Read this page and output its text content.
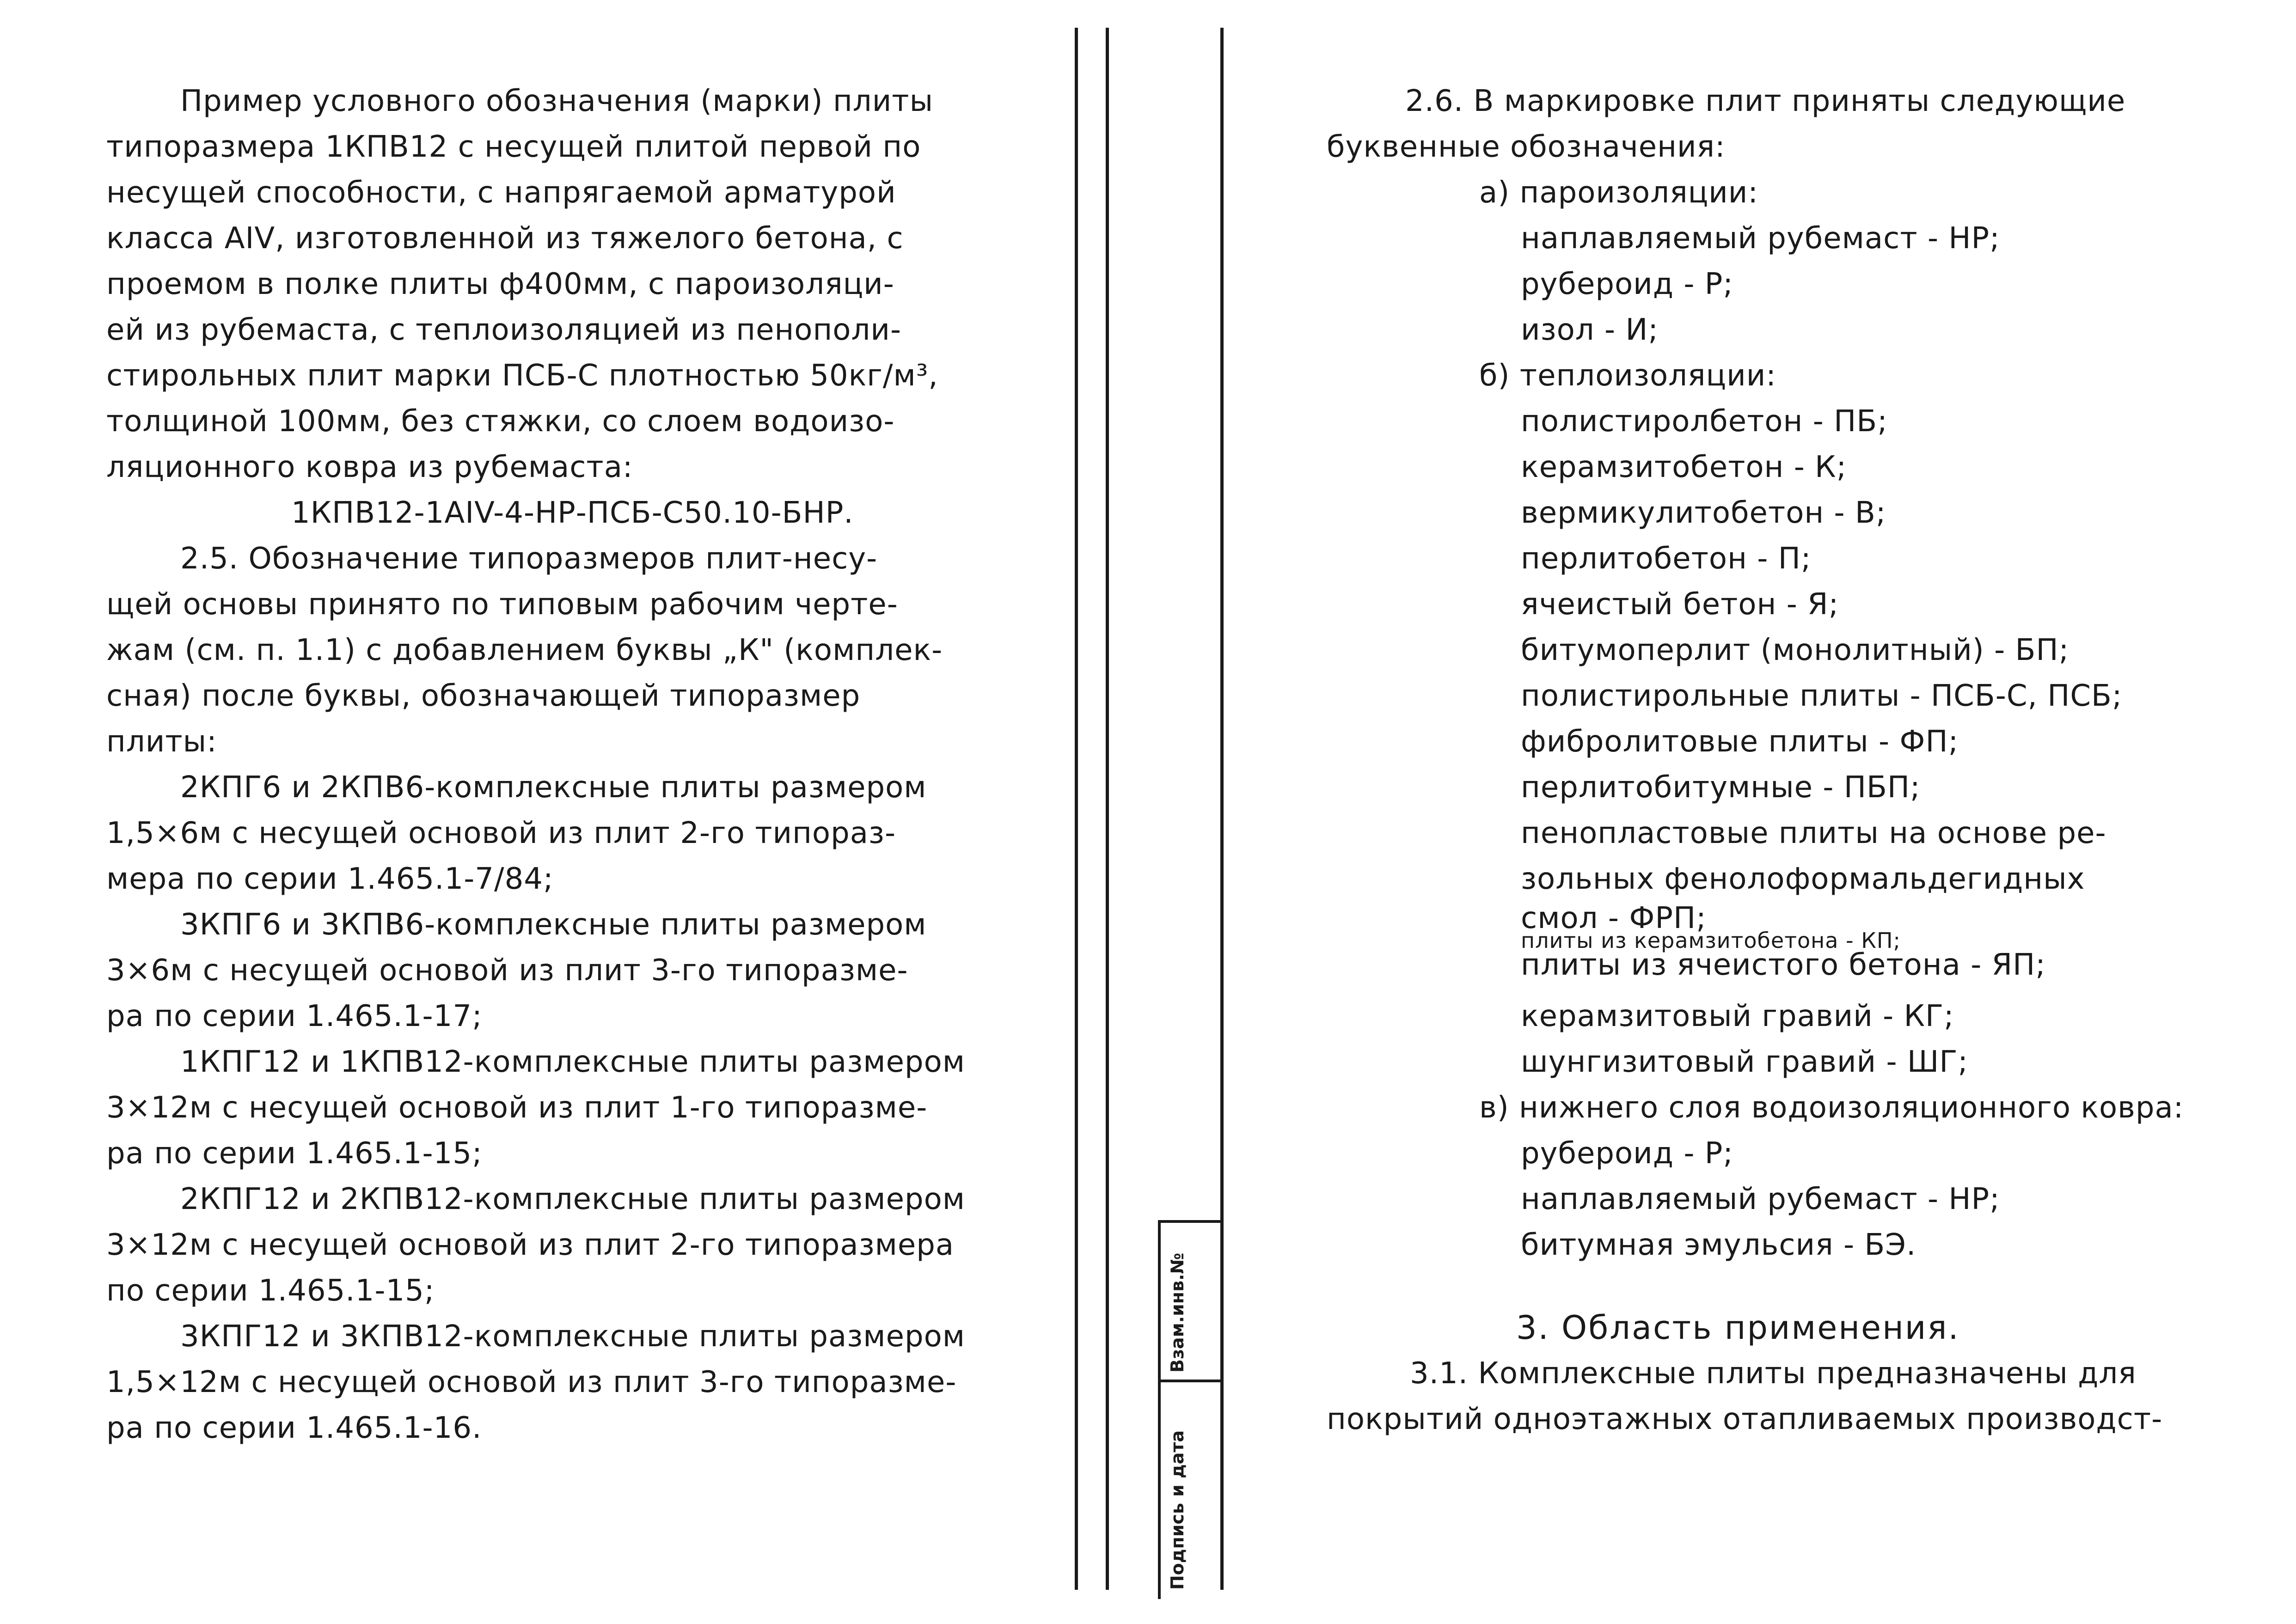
Пример условного обозначения (марки) плиты
типоразмера 1КПВ12 с несущей плитой первой по
несущей способности, с напрягаемой арматурой
класса AIV, изготовленной из тяжелого бетона, с
проемом в полке плиты ф400мм, с пароизоляци-
ей из рубемаста, с теплоизоляцией из пенополи-
стирольных плит марки ПСБ-С плотностью 50кг/м³,
толщиной 100мм, без стяжки, со слоем водоизо-
ляционного ковра из рубемаста:
1КПВ12-1AIV-4-НР-ПСБ-С50.10-БНР.
2.5. Обозначение типоразмеров плит-несу-
щей основы принято по типовым рабочим черте-
жам (см. п. 1.1) с добавлением буквы „К" (комплек-
сная) после буквы, обозначающей типоразмер
плиты:
2КПГ6 и 2КПВ6-комплексные плиты размером
1,5×6м с несущей основой из плит 2-го типораз-
мера по серии 1.465.1-7/84;
3КПГ6 и 3КПВ6-комплексные плиты размером
3×6м с несущей основой из плит 3-го типоразме-
ра по серии 1.465.1-17;
1КПГ12 и 1КПВ12-комплексные плиты размером
3×12м с несущей основой из плит 1-го типоразме-
ра по серии 1.465.1-15;
2КПГ12 и 2КПВ12-комплексные плиты размером
3×12м с несущей основой из плит 2-го типоразмера
по серии 1.465.1-15;
3КПГ12 и 3КПВ12-комплексные плиты размером
1,5×12м с несущей основой из плит 3-го типоразме-
ра по серии 1.465.1-16.
Подпись и дата
Взам.инв.№
2.6. В маркировке плит приняты следующие
буквенные обозначения:
а) пароизоляции:
наплавляемый рубемаст - НР;
рубероид - Р;
изол - И;
б) теплоизоляции:
полистиролбетон - ПБ;
керамзитобетон - К;
вермикулитобетон - В;
перлитобетон - П;
ячеистый бетон - Я;
битумоперлит (монолитный) - БП;
полистирольные плиты - ПСБ-С, ПСБ;
фибролитовые плиты - ФП;
перлитобитумные - ПБП;
пенопластовые плиты на основе ре-
зольных фенолоформальдегидных
смол - ФРП;
плиты из керамзитобетона - КП;
плиты из ячеистого бетона - ЯП;
керамзитовый гравий - КГ;
шунгизитовый гравий - ШГ;
в) нижнего слоя водоизоляционного ковра:
рубероид - Р;
наплавляемый рубемаст - НР;
битумная эмульсия - БЭ.
3. Область применения.
3.1. Комплексные плиты предназначены для
покрытий одноэтажных отапливаемых производст-
